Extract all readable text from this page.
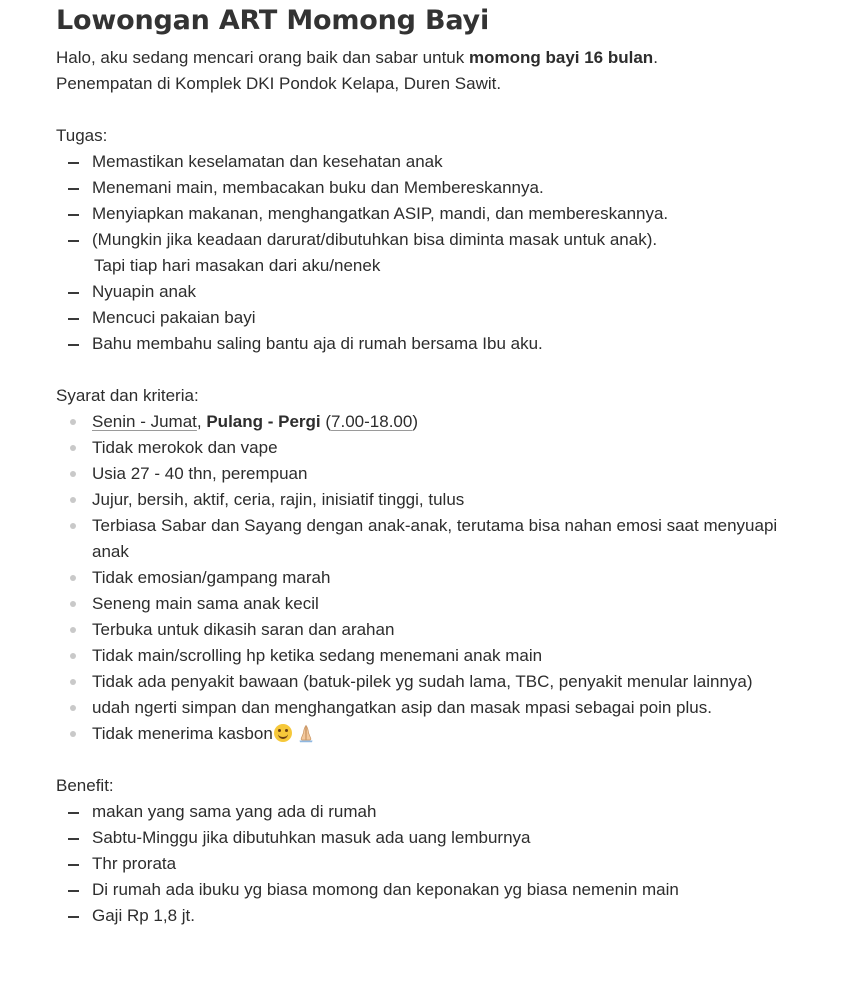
Lowongan ART Momong Bayi

Halo, aku sedang mencari orang baik dan sabar untuk momong bayi 16 bulan.

Penempatan di Komplek DKI Pondok Kelapa, Duren Sawit.

Tugas:

Memastikan keselamatan dan kesehatan anak
Menemani main, membacakan buku dan Membereskannya.
Menyiapkan makanan, menghangatkan ASIP, mandi, dan membereskannya.
(Mungkin jika keadaan darurat/dibutuhkan bisa diminta masak untuk anak).
Tapi tiap hari masakan dari aku/nenek
Nyuapin anak
Mencuci pakaian bayi
Bahu membahu saling bantu aja di rumah bersama Ibu aku.

Syarat dan kriteria:

Senin - Jumat, Pulang - Pergi (7.00-18.00)
Tidak merokok dan vape
Usia 27 - 40 thn, perempuan
Jujur, bersih, aktif, ceria, rajin, inisiatif tinggi, tulus
Terbiasa Sabar dan Sayang dengan anak-anak, terutama bisa nahan emosi saat menyuapi anak
Tidak emosian/gampang marah
Seneng main sama anak kecil
Terbuka untuk dikasih saran dan arahan
Tidak main/scrolling hp ketika sedang menemani anak main
Tidak ada penyakit bawaan (batuk-pilek yg sudah lama, TBC, penyakit menular lainnya)
udah ngerti simpan dan menghangatkan asip dan masak mpasi sebagai poin plus.
Tidak menerima kasbon

Benefit:

makan yang sama yang ada di rumah
Sabtu-Minggu jika dibutuhkan masuk ada uang lemburnya
Thr prorata
Di rumah ada ibuku yg biasa momong dan keponakan yg biasa nemenin main
Gaji Rp 1,8 jt.
